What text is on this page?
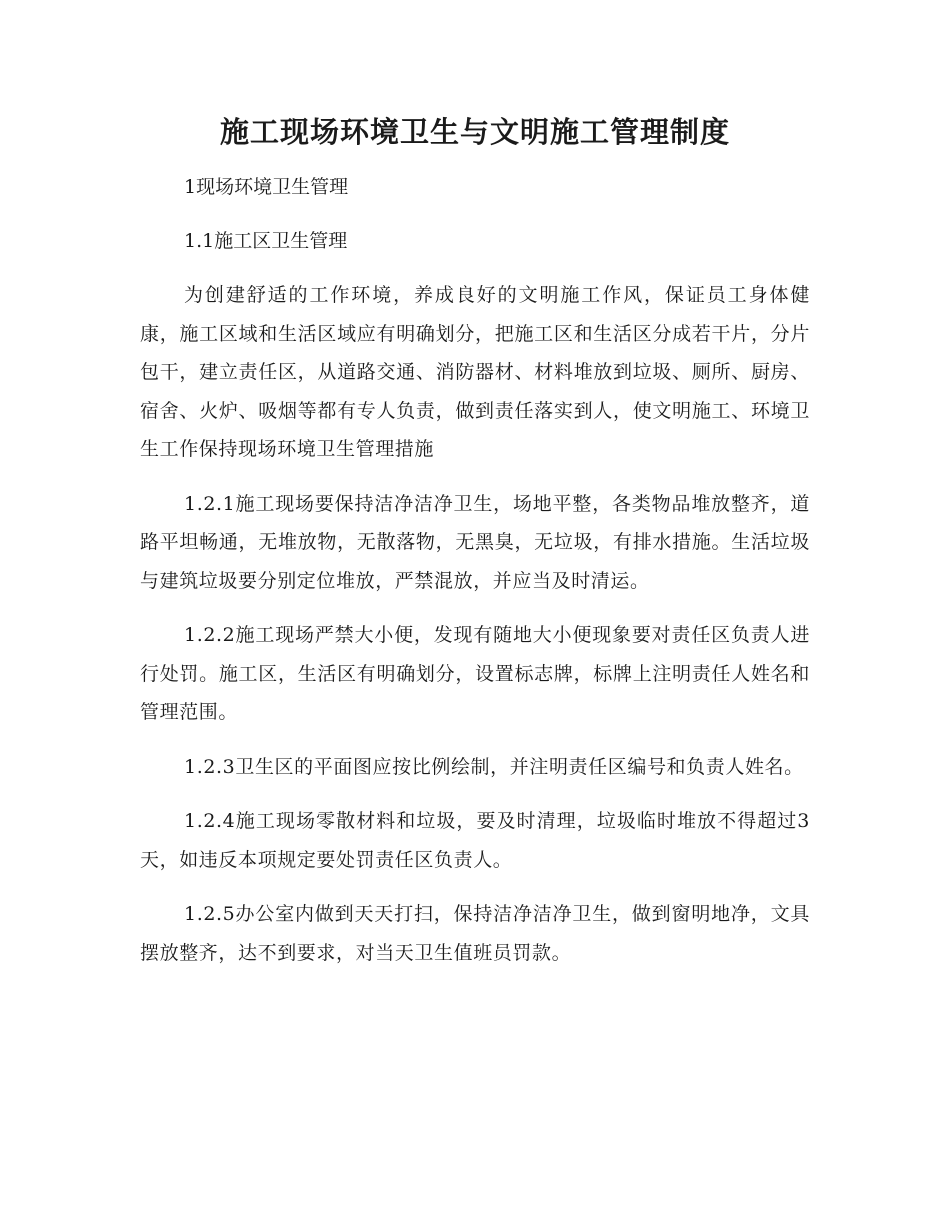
施工现场环境卫生与文明施工管理制度

1现场环境卫生管理

1.1施工区卫生管理

为创建舒适的工作环境，养成良好的文明施工作风，保证员工身体健康，施工区域和生活区域应有明确划分，把施工区和生活区分成若干片，分片包干，建立责任区，从道路交通、消防器材、材料堆放到垃圾、厕所、厨房、宿舍、火炉、吸烟等都有专人负责，做到责任落实到人，使文明施工、环境卫生工作保持现场环境卫生管理措施

1.2.1施工现场要保持洁净洁净卫生，场地平整，各类物品堆放整齐，道路平坦畅通，无堆放物，无散落物，无黑臭，无垃圾，有排水措施。生活垃圾与建筑垃圾要分别定位堆放，严禁混放，并应当及时清运。

1.2.2施工现场严禁大小便，发现有随地大小便现象要对责任区负责人进行处罚。施工区，生活区有明确划分，设置标志牌，标牌上注明责任人姓名和管理范围。

1.2.3卫生区的平面图应按比例绘制，并注明责任区编号和负责人姓名。

1.2.4施工现场零散材料和垃圾，要及时清理，垃圾临时堆放不得超过3天，如违反本项规定要处罚责任区负责人。

1.2.5办公室内做到天天打扫，保持洁净洁净卫生，做到窗明地净，文具摆放整齐，达不到要求，对当天卫生值班员罚款。
